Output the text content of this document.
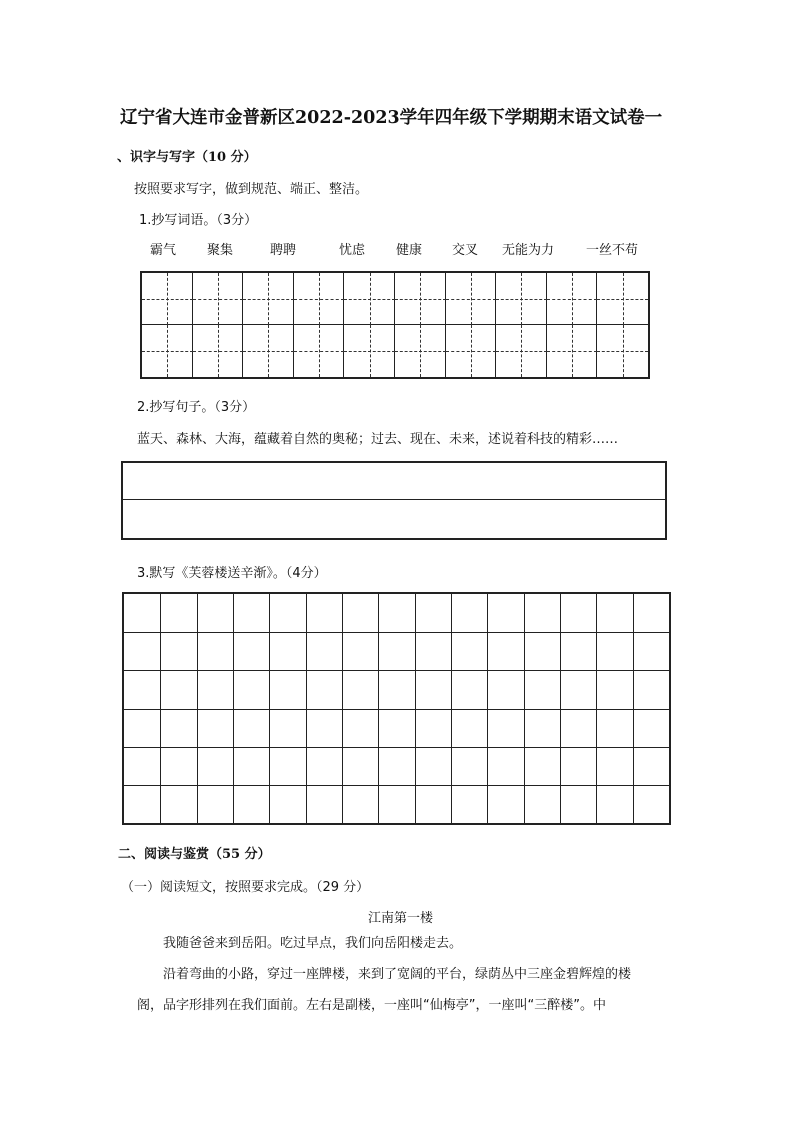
辽宁省大连市金普新区2022-2023学年四年级下学期期末语文试卷一
、识字与写字（10 分）
按照要求写字，做到规范、端正、整洁。
1.抄写词语。（3分）
霸气 聚集	聘聘	忧虑 健康 交叉 无能为力 一丝不苟
2.抄写句子。（3分）
蓝天、森林、大海，蕴藏着自然的奥秘；过去、现在、未来，述说着科技的精彩……
3.默写《芙蓉楼送辛渐》。（4分）
二、阅读与鉴赏（55 分）
（一）阅读短文，按照要求完成。（29 分）
江南第一楼
我随爸爸来到岳阳。吃过早点，我们向岳阳楼走去。
沿着弯曲的小路，穿过一座牌楼，来到了宽阔的平台，绿荫丛中三座金碧辉煌的楼
阁，品字形排列在我们面前。左右是副楼，一座叫“仙梅亭”，一座叫“三醉楼”。中
